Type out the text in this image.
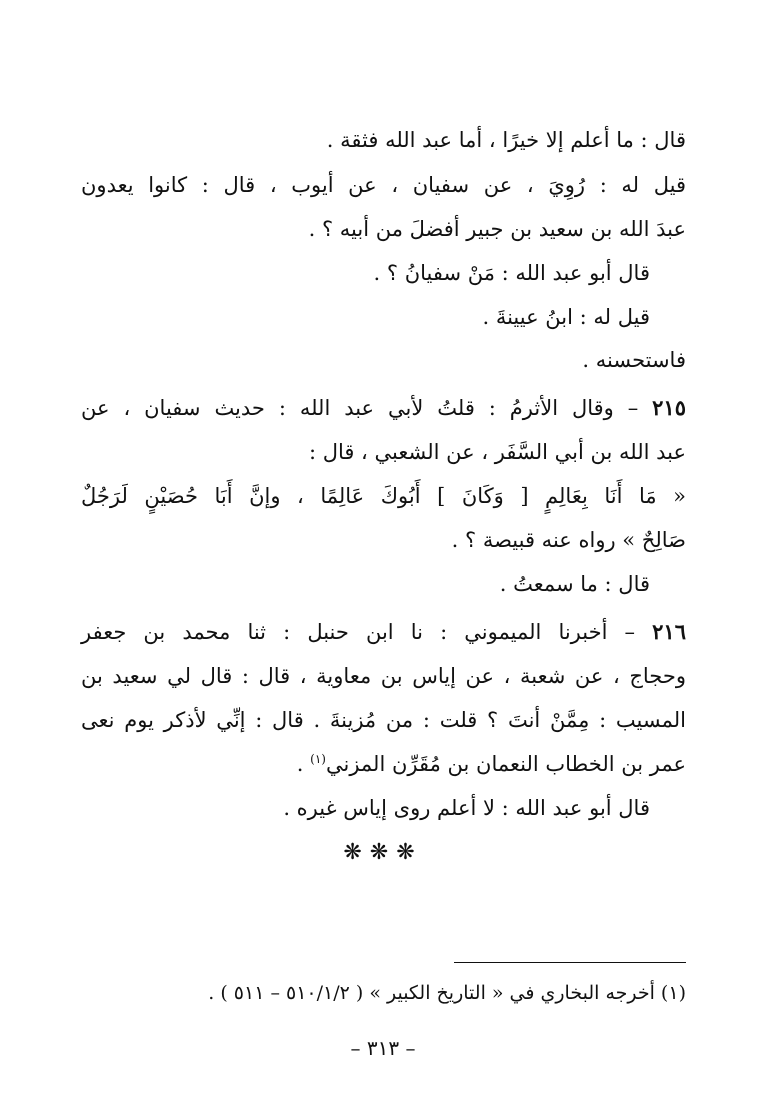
قال : ما أعلم إلا خيرًا ، أما عبد الله فثقة .
قيل له : رُوِيَ ، عن سفيان ، عن أيوب ، قال : كانوا يعدون
عبدَ الله بن سعيد بن جبير أفضلَ من أبيه ؟ .
قال أبو عبد الله : مَنْ سفيانُ ؟ .
قيل له : ابنُ عيينةَ .
فاستحسنه .
٢١٥ – وقال الأثرمُ : قلتُ لأبي عبد الله : حديث سفيان ، عن
عبد الله بن أبي السَّفَر ، عن الشعبي ، قال :
« مَا أَنَا بِعَالِمٍ [ وَكَانَ ] أَبُوكَ عَالِمًا ، وإنَّ أَبَا حُصَيْنٍ لَرَجُلٌ
صَالِحٌ » رواه عنه قبيصة ؟ .
قال : ما سمعتُ .
٢١٦ – أخبرنا الميموني : نا ابن حنبل : ثنا محمد بن جعفر
وحجاج ، عن شعبة ، عن إياس بن معاوية ، قال : قال لي سعيد بن
المسيب : مِمَّنْ أنتَ ؟ قلت : من مُزينةَ . قال : إنِّي لأذكر يوم نعى
عمر بن الخطاب النعمان بن مُقَرِّن المزني$^{(١)}$ .
قال أبو عبد الله : لا أعلم روى إياس غيره .
❋❋❋
(١) أخرجه البخاري في « التاريخ الكبير » ( ٥١٠/١/٢ – ٥١١ ) .
– ٣١٣ –
